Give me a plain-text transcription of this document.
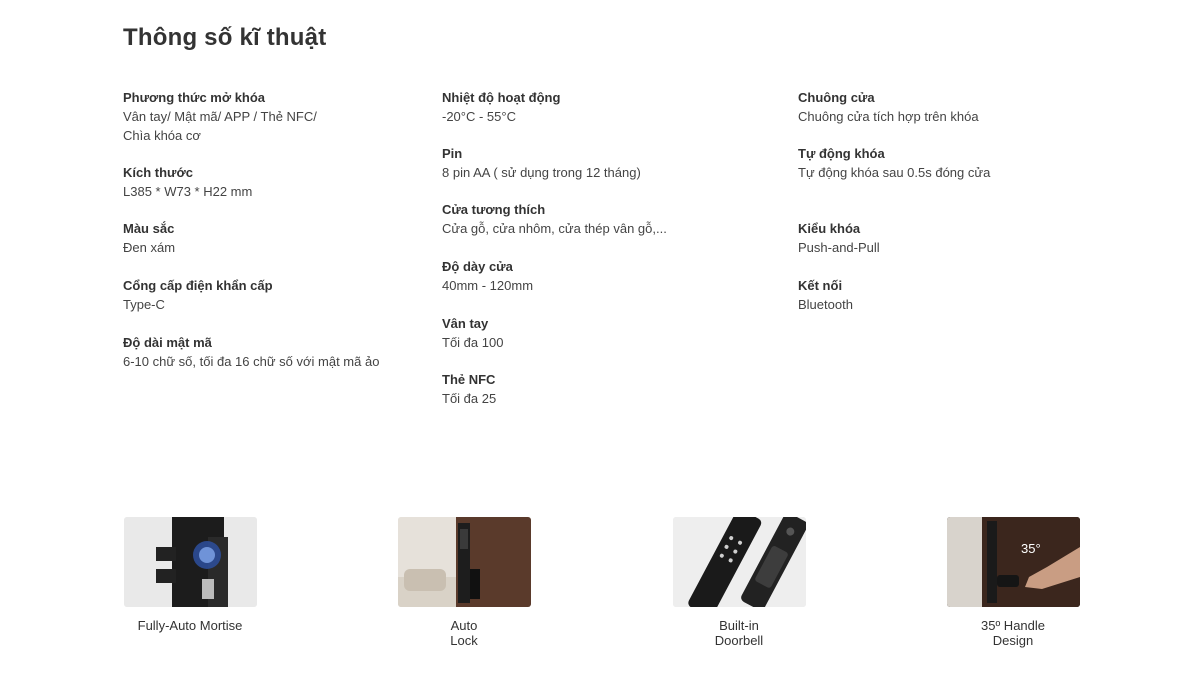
Thông số kĩ thuật
Phương thức mở khóa
Vân tay/ Mật mã/ APP / Thẻ NFC/
Chìa khóa cơ
Kích thước
L385 * W73 * H22 mm
Màu sắc
Đen xám
Cổng cấp điện khẩn cấp
Type-C
Độ dài mật mã
6-10 chữ số, tối đa 16 chữ số với mật mã ảo
Nhiệt độ hoạt động
-20°C - 55°C
Pin
8 pin AA ( sử dụng trong 12 tháng)
Cửa tương thích
Cửa gỗ, cửa nhôm, cửa thép vân gỗ,...
Độ dày cửa
40mm - 120mm
Vân tay
Tối đa 100
Thẻ NFC
Tối đa 25
Chuông cửa
Chuông cửa tích hợp trên khóa
Tự động khóa
Tự động khóa sau 0.5s đóng cửa
Kiểu khóa
Push-and-Pull
Kết nối
Bluetooth
Fully-Auto Mortise	Auto
Lock
Built-in
Doorbell
35°
35º Handle
Design
